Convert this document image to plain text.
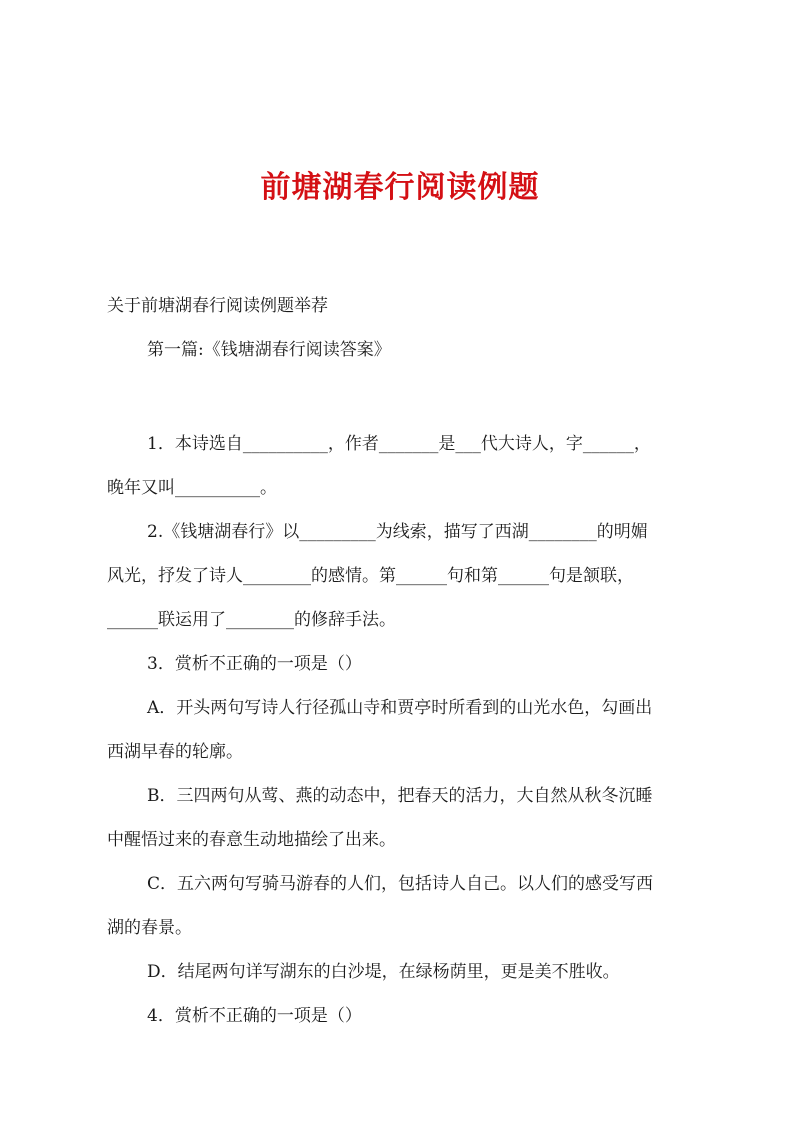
前塘湖春行阅读例题
关于前塘湖春行阅读例题举荐
第一篇:《钱塘湖春行阅读答案》
1．本诗选自__________，作者_______是___代大诗人，字______，
晚年又叫__________。
2.《钱塘湖春行》以_________为线索，描写了西湖________的明媚
风光，抒发了诗人________的感情。第______句和第______句是颔联，
______联运用了________的修辞手法。
3．赏析不正确的一项是（）
A．开头两句写诗人行径孤山寺和贾亭时所看到的山光水色，勾画出
西湖早春的轮廓。
B．三四两句从莺、燕的动态中，把春天的活力，大自然从秋冬沉睡
中醒悟过来的春意生动地描绘了出来。
C．五六两句写骑马游春的人们，包括诗人自己。以人们的感受写西
湖的春景。
D．结尾两句详写湖东的白沙堤，在绿杨荫里，更是美不胜收。
4．赏析不正确的一项是（）
